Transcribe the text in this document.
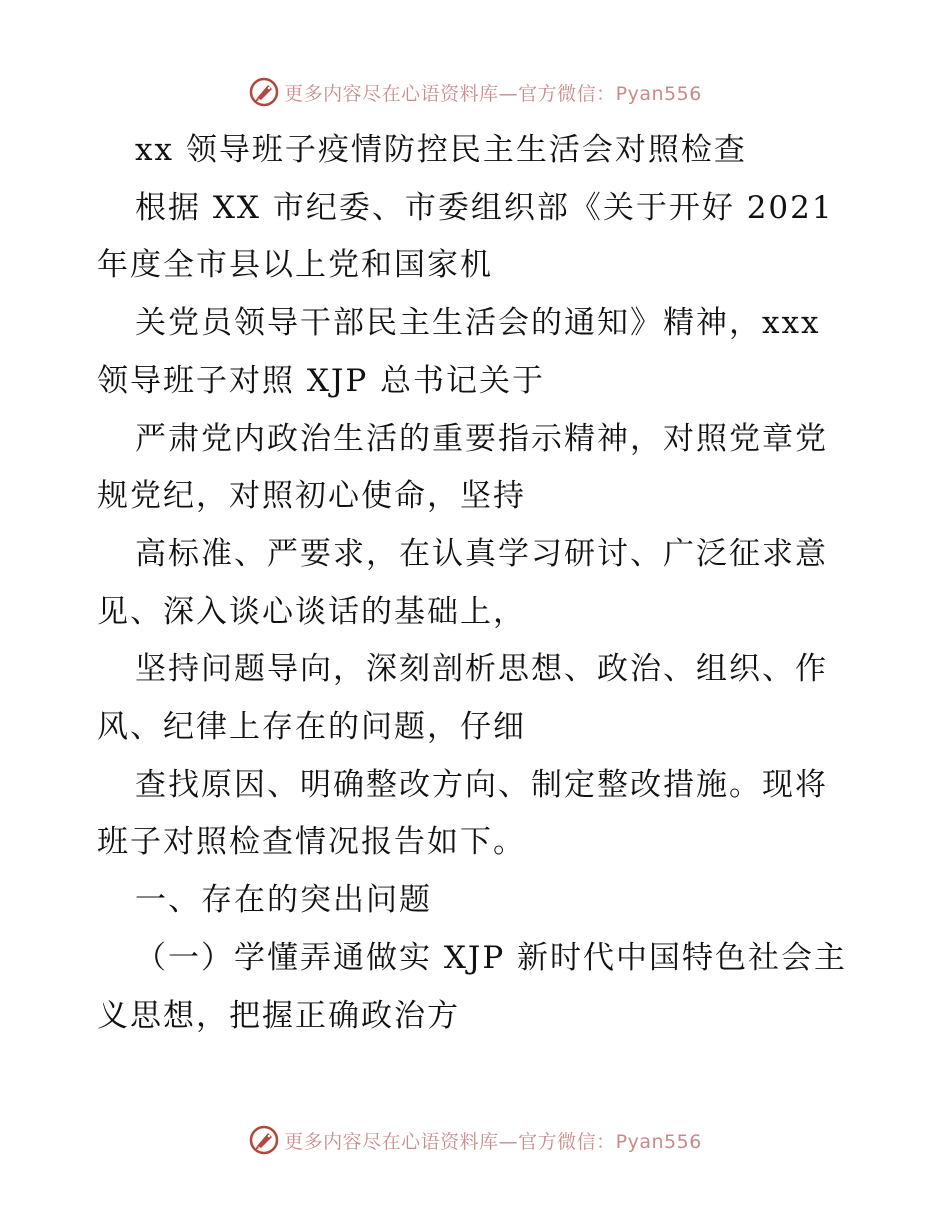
更多内容尽在心语资料库—官方微信：Pyan556

xx 领导班子疫情防控民主生活会对照检查

根据 XX 市纪委、市委组织部《关于开好 2021 年度全市县以上党和国家机

关党员领导干部民主生活会的通知》精神，xxx 领导班子对照 XJP 总书记关于

严肃党内政治生活的重要指示精神，对照党章党规党纪，对照初心使命，坚持

高标准、严要求，在认真学习研讨、广泛征求意见、深入谈心谈话的基础上，

坚持问题导向，深刻剖析思想、政治、组织、作风、纪律上存在的问题，仔细

查找原因、明确整改方向、制定整改措施。现将班子对照检查情况报告如下。

一、存在的突出问题

（一）学懂弄通做实 XJP 新时代中国特色社会主义思想，把握正确政治方

更多内容尽在心语资料库—官方微信：Pyan556
